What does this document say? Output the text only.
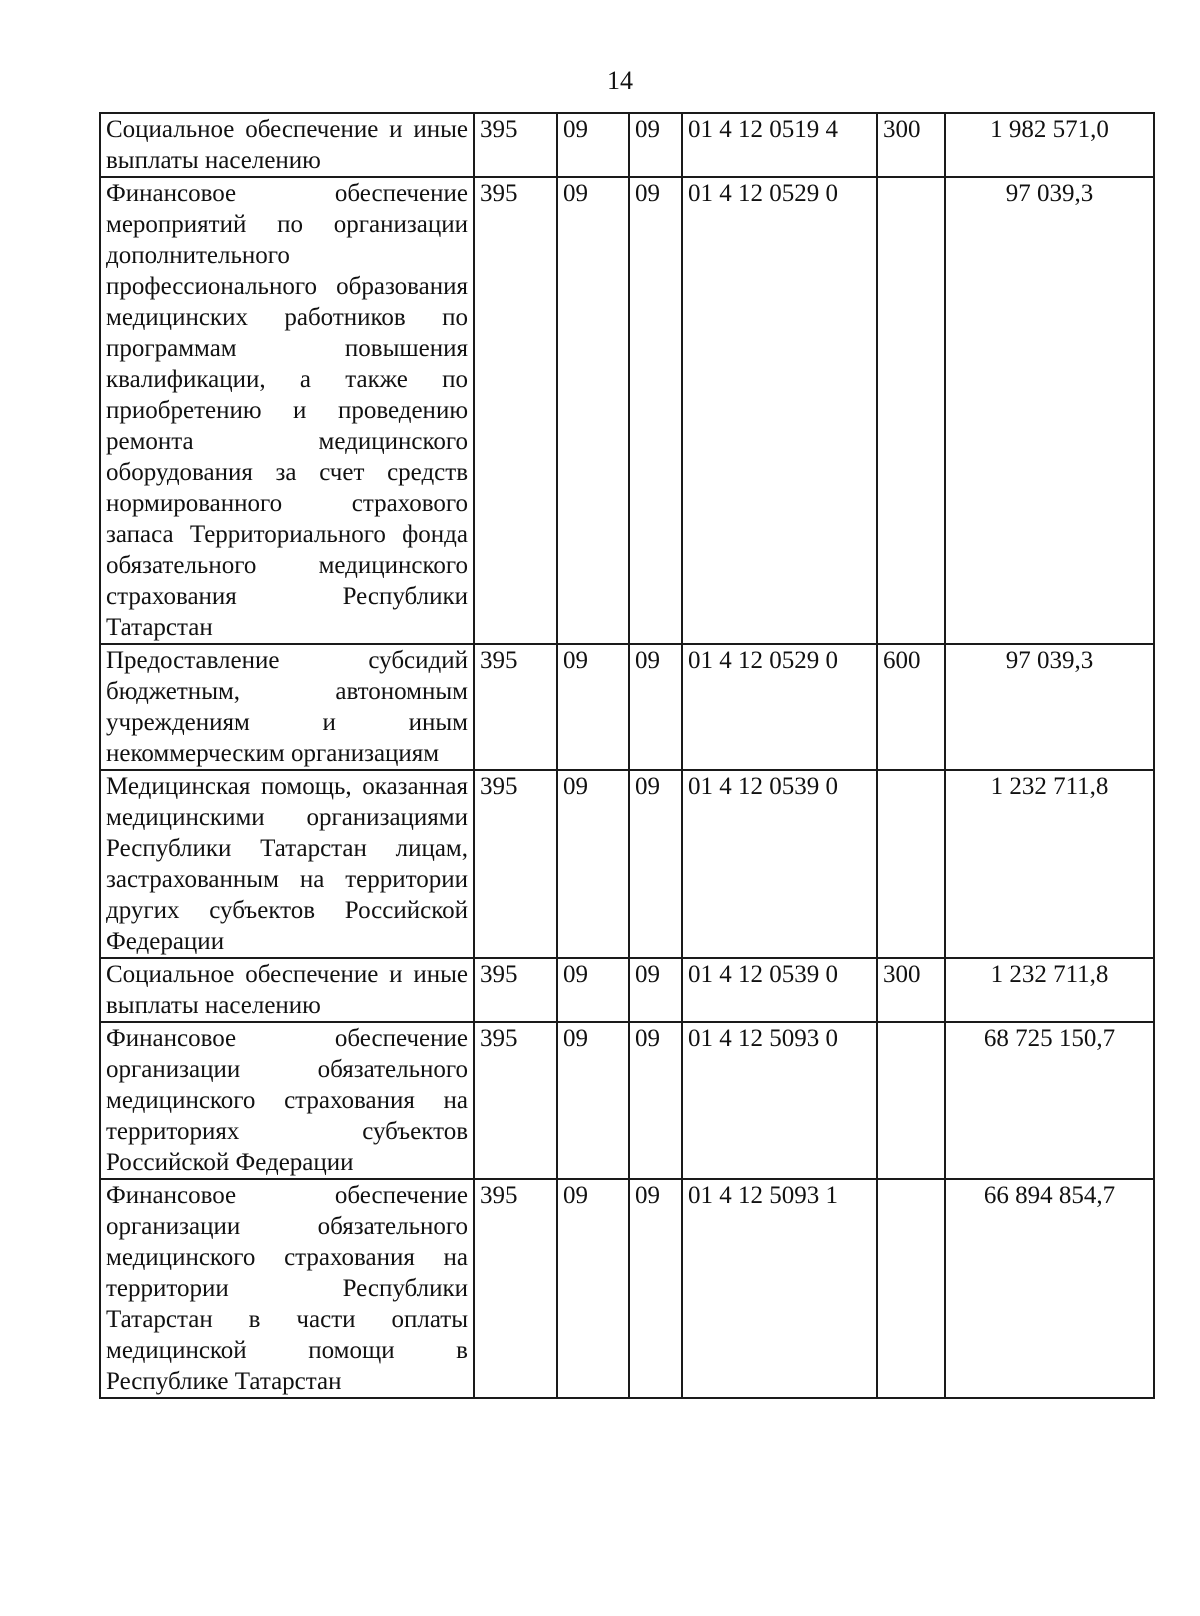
14
Социальное обеспечение и иные выплаты населению	395	09	09	01 4 12 0519 4	300	1 982 571,0
Финансовое обеспечение мероприятий по организации дополнительного профессионального образования медицинских работников по программам повышения квалификации, а также по приобретению и проведению ремонта медицинского оборудования за счет средств нормированного страхового запаса Территориального фонда обязательного медицинского страхования Республики Татарстан	395	09	09	01 4 12 0529 0		97 039,3
Предоставление субсидий бюджетным, автономным учреждениям и иным некоммерческим организациям	395	09	09	01 4 12 0529 0	600	97 039,3
Медицинская помощь, оказанная медицинскими организациями Республики Татарстан лицам, застрахованным на территории других субъектов Российской Федерации	395	09	09	01 4 12 0539 0		1 232 711,8
Социальное обеспечение и иные выплаты населению	395	09	09	01 4 12 0539 0	300	1 232 711,8
Финансовое обеспечение организации обязательного медицинского страхования на территориях субъектов Российской Федерации	395	09	09	01 4 12 5093 0		68 725 150,7
Финансовое обеспечение организации обязательного медицинского страхования на территории Республики Татарстан в части оплаты медицинской помощи в Республике Татарстан	395	09	09	01 4 12 5093 1		66 894 854,7
